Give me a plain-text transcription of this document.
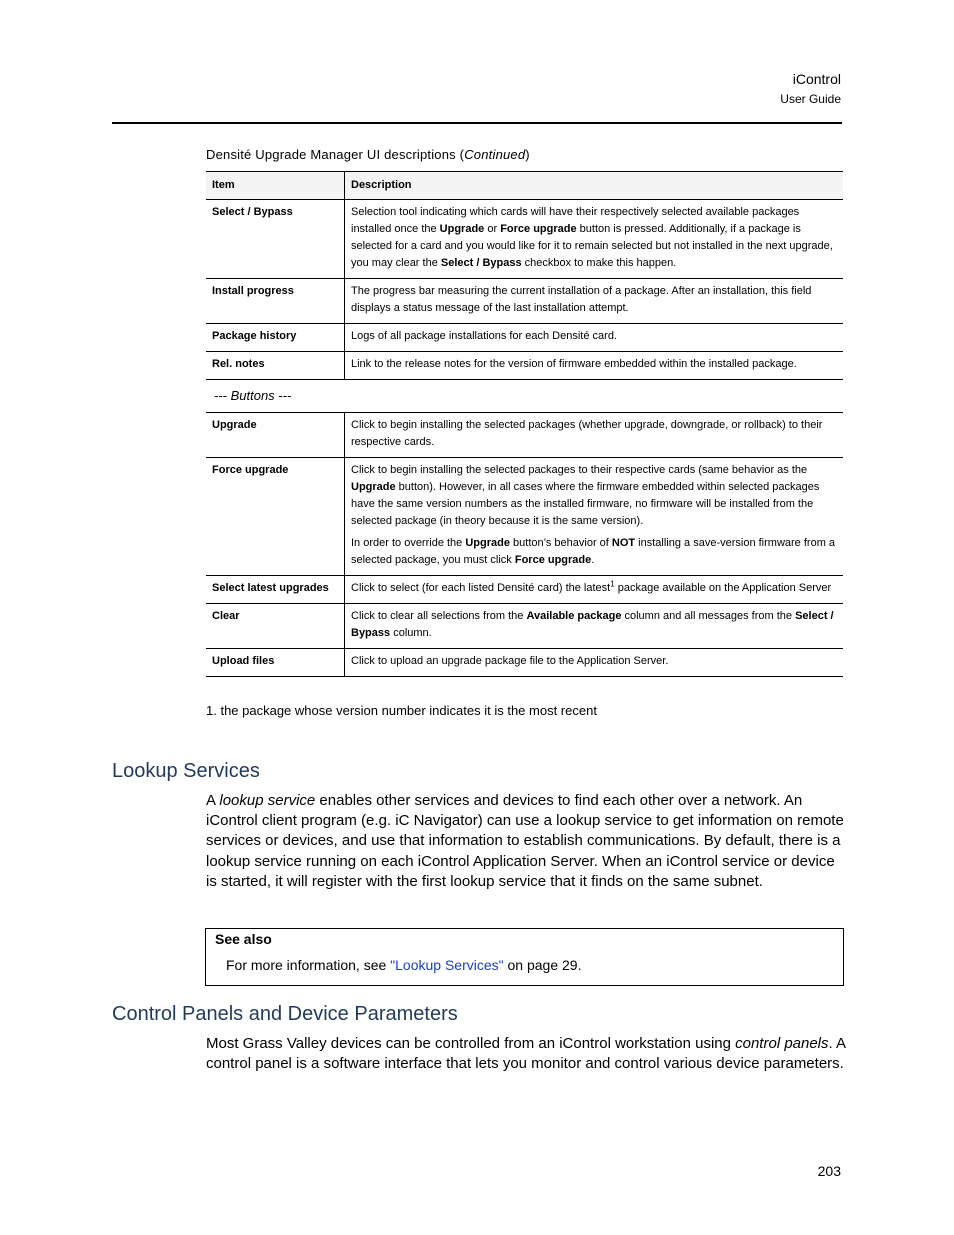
iControl
User Guide
Densité Upgrade Manager UI descriptions (Continued)
Item	Description
Select / Bypass	Selection tool indicating which cards will have their respectively selected available packages installed once the Upgrade or Force upgrade button is pressed. Additionally, if a package is selected for a card and you would like for it to remain selected but not installed in the next upgrade, you may clear the Select / Bypass checkbox to make this happen.
Install progress	The progress bar measuring the current installation of a package. After an installation, this field displays a status message of the last installation attempt.
Package history	Logs of all package installations for each Densité card.
Rel. notes	Link to the release notes for the version of firmware embedded within the installed package.
--- Buttons ---	
Upgrade	Click to begin installing the selected packages (whether upgrade, downgrade, or rollback) to their respective cards.
Force upgrade	Click to begin installing the selected packages to their respective cards (same behavior as the Upgrade button). However, in all cases where the firmware embedded within selected packages have the same version numbers as the installed firmware, no firmware will be installed from the selected package (in theory because it is the same version).

In order to override the Upgrade button’s behavior of NOT installing a save-version firmware from a selected package, you must click Force upgrade.

Select latest upgrades	Click to select (for each listed Densité card) the latest$^1$ package available on the Application Server
Clear	Click to clear all selections from the Available package column and all messages from the Select / Bypass column.
Upload files	Click to upload an upgrade package file to the Application Server.
1. the package whose version number indicates it is the most recent
Lookup Services

A lookup service enables other services and devices to find each other over a network. An iControl client program (e.g. iC Navigator) can use a lookup service to get information on remote services or devices, and use that information to establish communications. By default, there is a lookup service running on each iControl Application Server. When an iControl service or device is started, it will register with the first lookup service that it finds on the same subnet.

See also
For more information, see "Lookup Services" on page 29.
Control Panels and Device Parameters

Most Grass Valley devices can be controlled from an iControl workstation using control panels. A control panel is a software interface that lets you monitor and control various device parameters.

203
